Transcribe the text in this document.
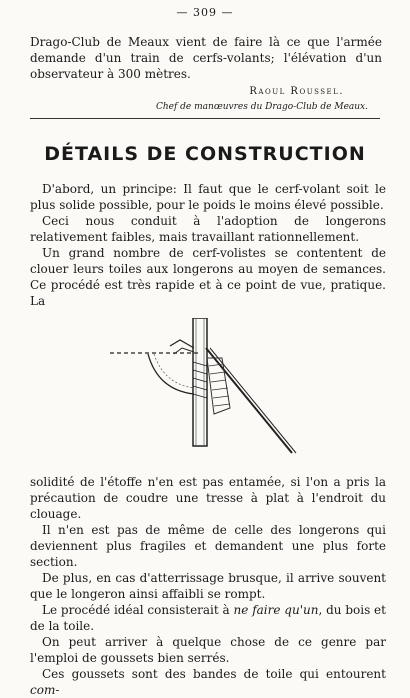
— 309 —
Drago-Club de Meaux vient de faire là ce que l'armée demande d'un train de cerfs-volants; l'élévation d'un observateur à 300 mètres.
Raoul Roussel.
Chef de manœuvres du Drago-Club de Meaux.
DÉTAILS DE CONSTRUCTION

D'abord, un principe: Il faut que le cerf-volant soit le plus solide possible, pour le poids le moins élevé possible.

Ceci nous conduit à l'adoption de longerons relativement faibles, mais travaillant rationnellement.

Un grand nombre de cerf-volistes se contentent de clouer leurs toiles aux longerons au moyen de semances. Ce procédé est très rapide et à ce point de vue, pratique. La

solidité de l'étoffe n'en est pas entamée, si l'on a pris la précaution de coudre une tresse à plat à l'endroit du clouage.

Il n'en est pas de même de celle des longerons qui deviennent plus fragiles et demandent une plus forte section.

De plus, en cas d'atterrissage brusque, il arrive souvent que le longeron ainsi affaibli se rompt.

Le procédé idéal consisterait à ne faire qu'un, du bois et de la toile.

On peut arriver à quelque chose de ce genre par l'emploi de goussets bien serrés.

Ces goussets sont des bandes de toile qui entourent com-
